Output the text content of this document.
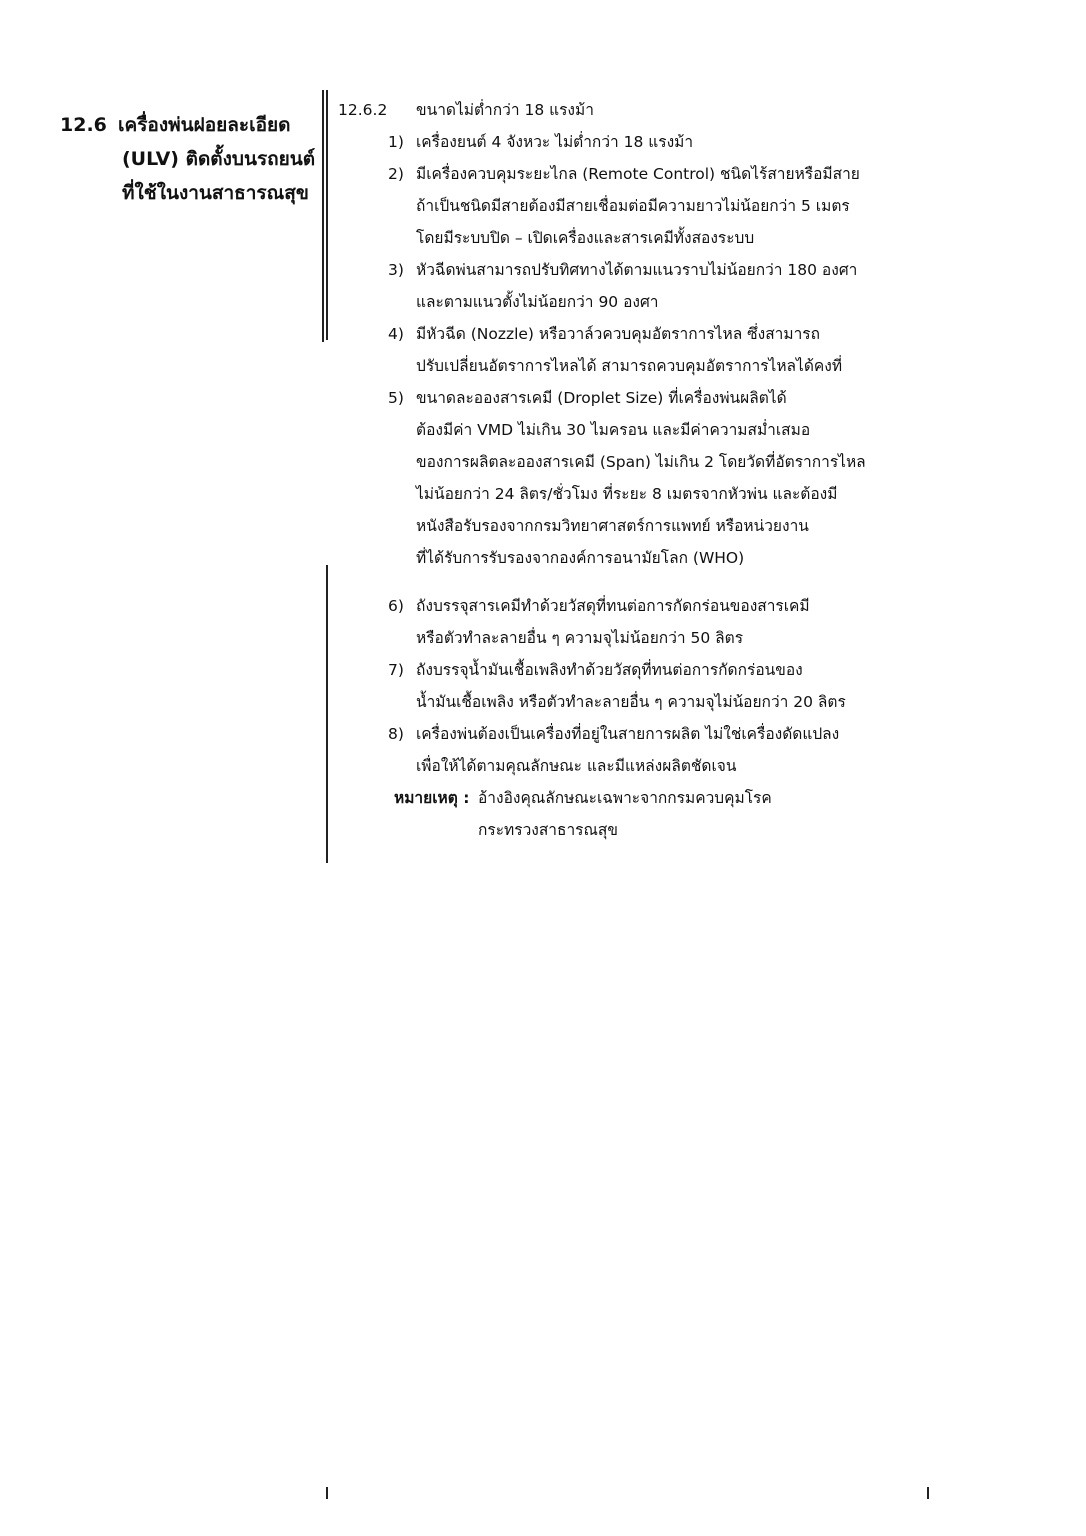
12.6 เครื่องพ่นฝอยละเอียด
(ULV) ติดตั้งบนรถยนต์
ที่ใช้ในงานสาธารณสุข
12.6.2 ขนาดไม่ต่ำกว่า 18 แรงม้า
1) เครื่องยนต์ 4 จังหวะ ไม่ต่ำกว่า 18 แรงม้า
2) มีเครื่องควบคุมระยะไกล (Remote Control) ชนิดไร้สายหรือมีสาย
ถ้าเป็นชนิดมีสายต้องมีสายเชื่อมต่อมีความยาวไม่น้อยกว่า 5 เมตร
โดยมีระบบปิด – เปิดเครื่องและสารเคมีทั้งสองระบบ
3) หัวฉีดพ่นสามารถปรับทิศทางได้ตามแนวราบไม่น้อยกว่า 180 องศา
และตามแนวตั้งไม่น้อยกว่า 90 องศา
4) มีหัวฉีด (Nozzle) หรือวาล์วควบคุมอัตราการไหล ซึ่งสามารถ
ปรับเปลี่ยนอัตราการไหลได้ สามารถควบคุมอัตราการไหลได้คงที่
5) ขนาดละอองสารเคมี (Droplet Size) ที่เครื่องพ่นผลิตได้
ต้องมีค่า VMD ไม่เกิน 30 ไมครอน และมีค่าความสม่ำเสมอ
ของการผลิตละอองสารเคมี (Span) ไม่เกิน 2 โดยวัดที่อัตราการไหล
ไม่น้อยกว่า 24 ลิตร/ชั่วโมง ที่ระยะ 8 เมตรจากหัวพ่น และต้องมี
หนังสือรับรองจากกรมวิทยาศาสตร์การแพทย์ หรือหน่วยงาน
ที่ได้รับการรับรองจากองค์การอนามัยโลก (WHO)
6) ถังบรรจุสารเคมีทำด้วยวัสดุที่ทนต่อการกัดกร่อนของสารเคมี
หรือตัวทำละลายอื่น ๆ ความจุไม่น้อยกว่า 50 ลิตร
7) ถังบรรจุน้ำมันเชื้อเพลิงทำด้วยวัสดุที่ทนต่อการกัดกร่อนของ
น้ำมันเชื้อเพลิง หรือตัวทำละลายอื่น ๆ ความจุไม่น้อยกว่า 20 ลิตร
8) เครื่องพ่นต้องเป็นเครื่องที่อยู่ในสายการผลิต ไม่ใช่เครื่องดัดแปลง
เพื่อให้ได้ตามคุณลักษณะ และมีแหล่งผลิตชัดเจน
หมายเหตุ : อ้างอิงคุณลักษณะเฉพาะจากกรมควบคุมโรค
กระทรวงสาธารณสุข
